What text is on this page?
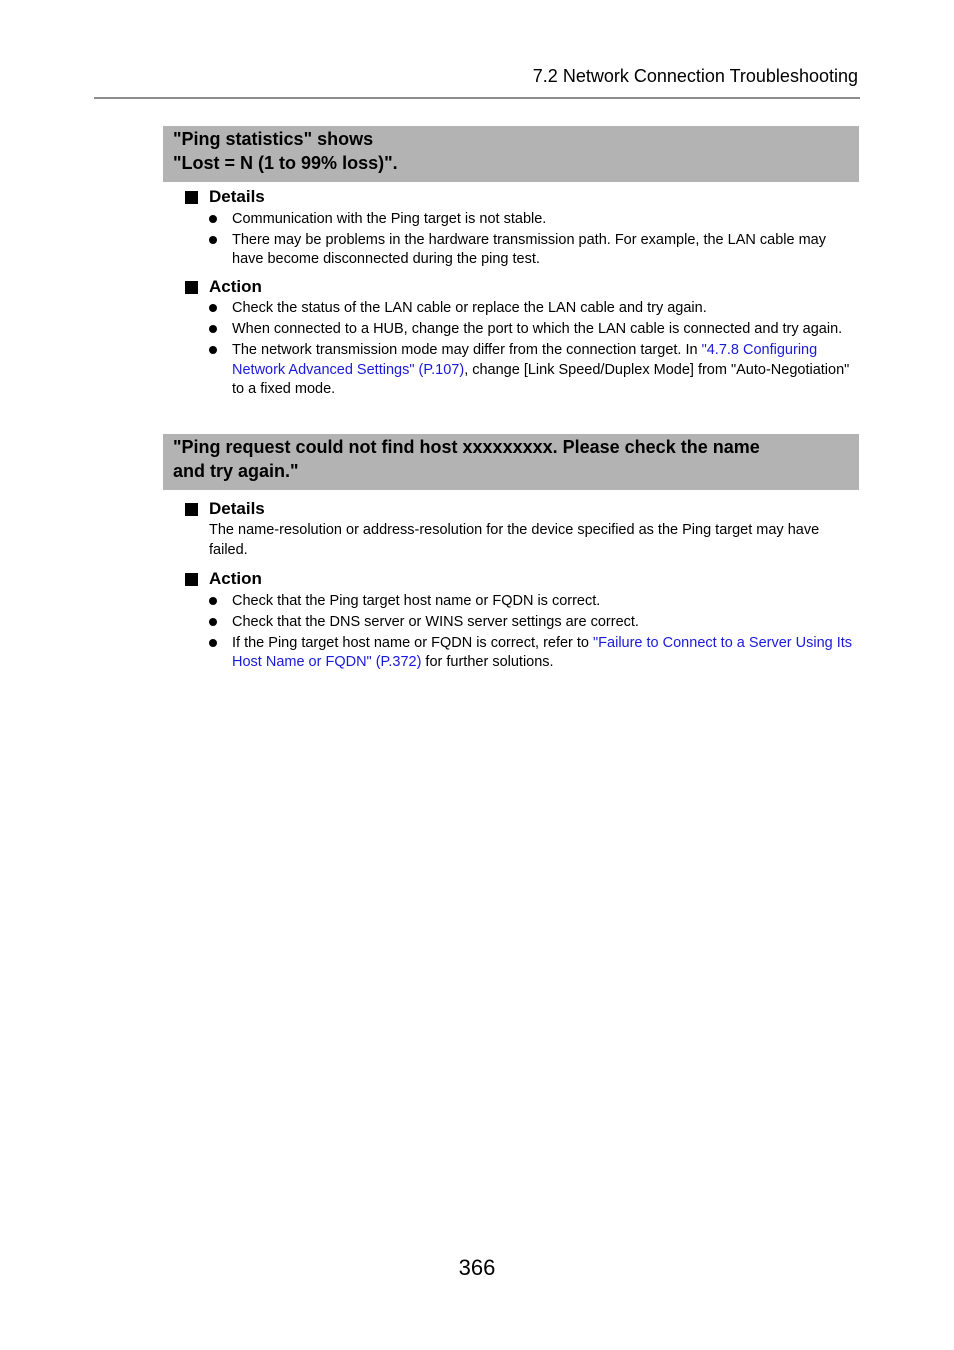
7.2 Network Connection Troubleshooting
"Ping statistics" shows
"Lost = N (1 to 99% loss)".
Details
Communication with the Ping target is not stable.
There may be problems in the hardware transmission path. For example, the LAN cable may have become disconnected during the ping test.
Action
Check the status of the LAN cable or replace the LAN cable and try again.
When connected to a HUB, change the port to which the LAN cable is connected and try again.
The network transmission mode may differ from the connection target. In "4.7.8 Configuring Network Advanced Settings" (P.107), change [Link Speed/Duplex Mode] from "Auto-Negotiation" to a fixed mode.
"Ping request could not find host xxxxxxxxx. Please check the name
and try again."
Details
The name-resolution or address-resolution for the device specified as the Ping target may have failed.
Action
Check that the Ping target host name or FQDN is correct.
Check that the DNS server or WINS server settings are correct.
If the Ping target host name or FQDN is correct, refer to "Failure to Connect to a Server Using Its Host Name or FQDN" (P.372) for further solutions.
366
